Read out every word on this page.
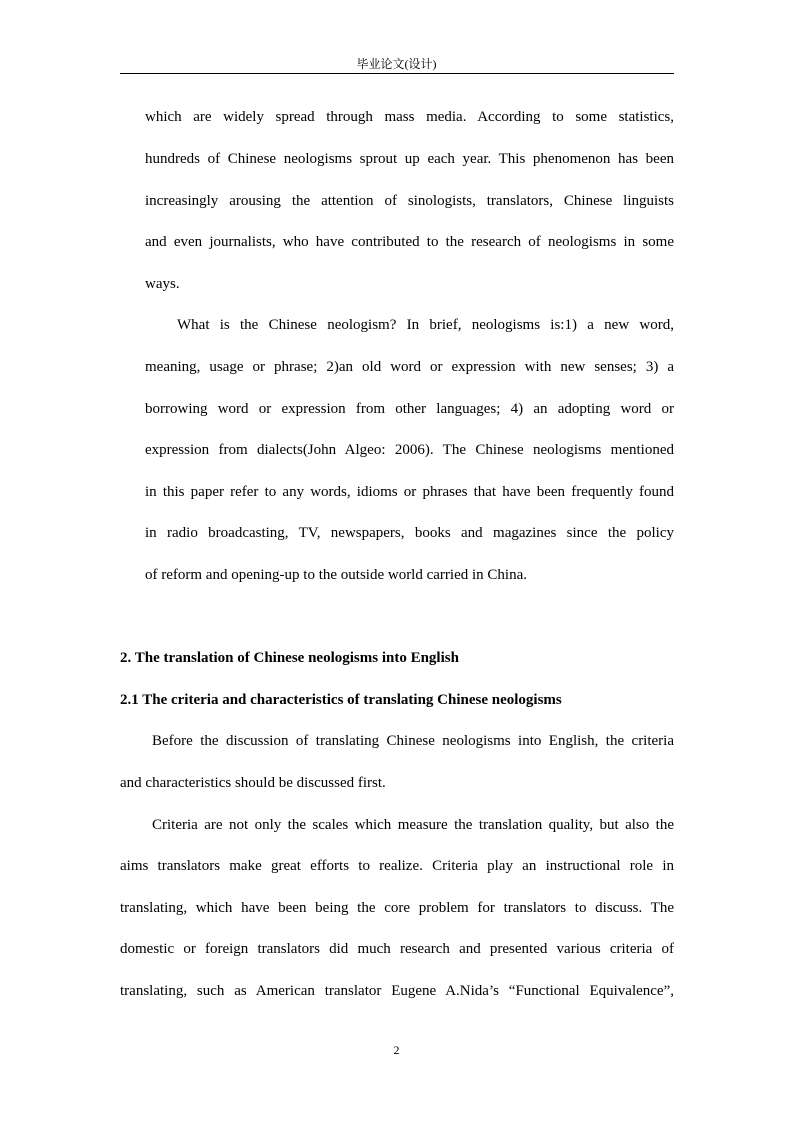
毕业论文(设计)
which are widely spread through mass media. According to some statistics,
hundreds of Chinese neologisms sprout up each year. This phenomenon has been
increasingly arousing the attention of sinologists, translators, Chinese linguists
and even journalists, who have contributed to the research of neologisms in some
ways.
What is the Chinese neologism? In brief, neologisms is:1) a new word,
meaning, usage or phrase; 2)an old word or expression with new senses; 3) a
borrowing word or expression from other languages; 4) an adopting word or
expression from dialects(John Algeo: 2006). The Chinese neologisms mentioned
in this paper refer to any words, idioms or phrases that have been frequently found
in radio broadcasting, TV, newspapers, books and magazines since the policy
of reform and opening-up to the outside world carried in China.
2. The translation of Chinese neologisms into English
2.1 The criteria and characteristics of translating Chinese neologisms
Before the discussion of translating Chinese neologisms into English, the criteria
and characteristics should be discussed first.
Criteria are not only the scales which measure the translation quality, but also the
aims translators make great efforts to realize. Criteria play an instructional role in
translating, which have been being the core problem for translators to discuss. The
domestic or foreign translators did much research and presented various criteria of
translating, such as American translator Eugene A.Nida’s “Functional Equivalence”,
2
